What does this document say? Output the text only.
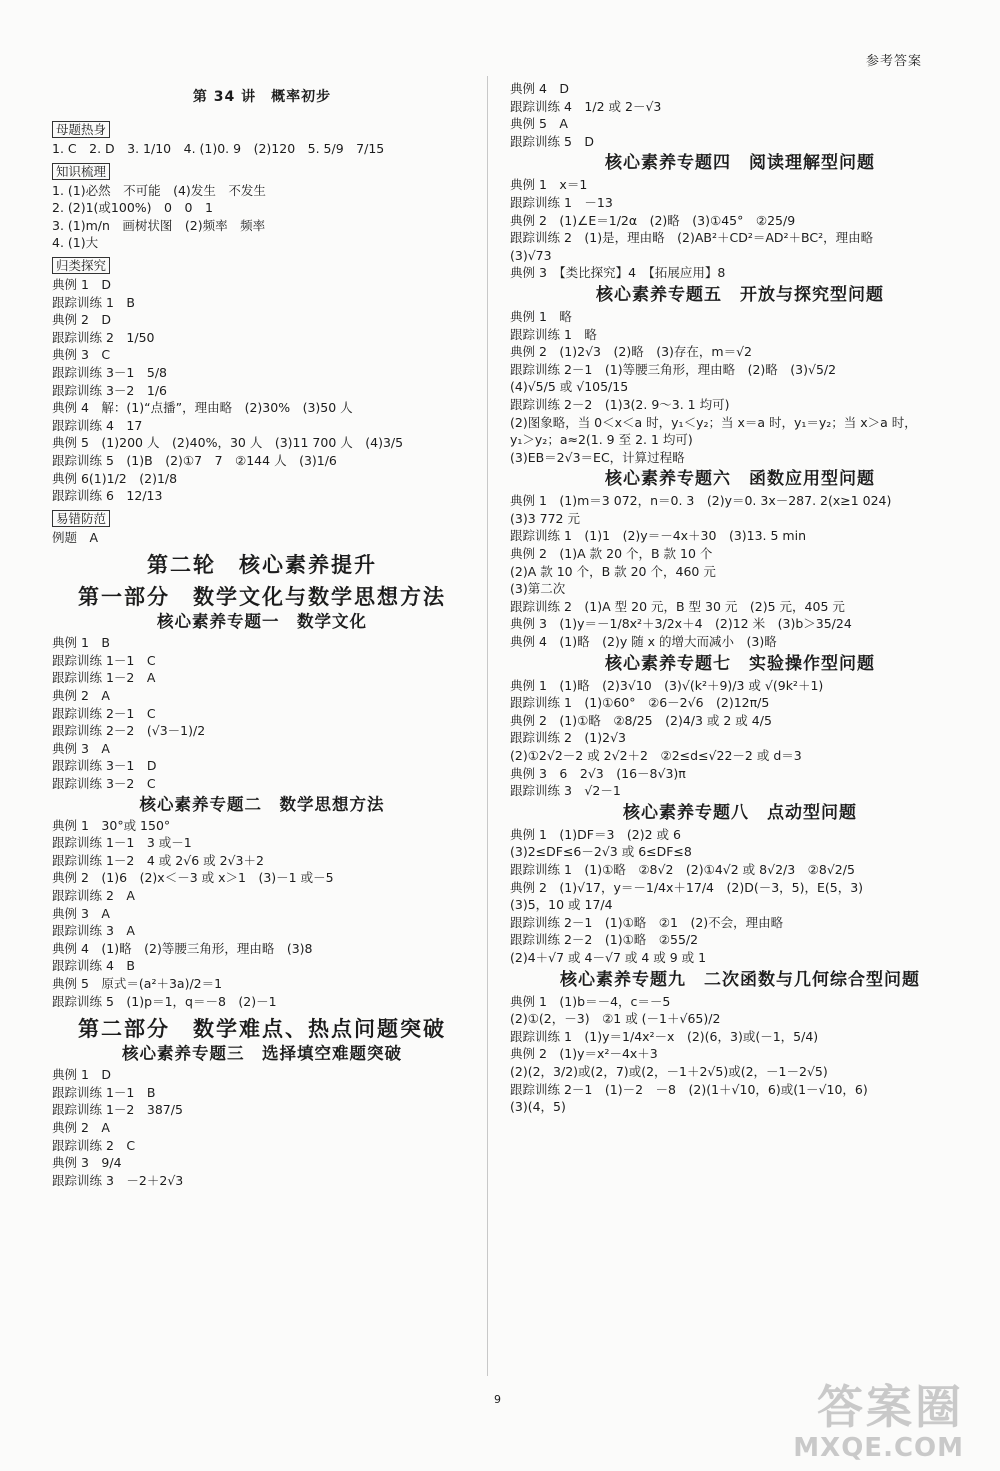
参考答案
第 34 讲　概率初步
母题热身
1. C　2. D　3. 1/10　4. (1)0. 9　(2)120　5. 5/9　7/15
知识梳理
1. (1)必然　不可能　(4)发生　不发生
2. (2)1(或100%)　0　0　1
3. (1)m/n　画树状图　(2)频率　频率
4. (1)大
归类探究
典例 1　D
跟踪训练 1　B
典例 2　D
跟踪训练 2　1/50
典例 3　C
跟踪训练 3－1　5/8
跟踪训练 3－2　1/6
典例 4　解：(1)“点播”，理由略　(2)30%　(3)50 人
跟踪训练 4　17
典例 5　(1)200 人　(2)40%，30 人　(3)11 700 人　(4)3/5
跟踪训练 5　(1)B　(2)①7　7　②144 人　(3)1/6
典例 6(1)1/2　(2)1/8
跟踪训练 6　12/13
易错防范
例题　A
第二轮　核心素养提升
第一部分　数学文化与数学思想方法
核心素养专题一　数学文化
典例 1　B
跟踪训练 1－1　C
跟踪训练 1－2　A
典例 2　A
跟踪训练 2－1　C
跟踪训练 2－2　(√3－1)/2
典例 3　A
跟踪训练 3－1　D
跟踪训练 3－2　C
核心素养专题二　数学思想方法
典例 1　30°或 150°
跟踪训练 1－1　3 或－1
跟踪训练 1－2　4 或 2√6 或 2√3＋2
典例 2　(1)6　(2)x＜－3 或 x＞1　(3)－1 或－5
跟踪训练 2　A
典例 3　A
跟踪训练 3　A
典例 4　(1)略　(2)等腰三角形，理由略　(3)8
跟踪训练 4　B
典例 5　原式＝(a²＋3a)/2＝1
跟踪训练 5　(1)p＝1，q＝－8　(2)－1
第二部分　数学难点、热点问题突破
核心素养专题三　选择填空难题突破
典例 1　D
跟踪训练 1－1　B
跟踪训练 1－2　387/5
典例 2　A
跟踪训练 2　C
典例 3　9/4
跟踪训练 3　－2＋2√3
典例 4　D
跟踪训练 4　1/2 或 2－√3
典例 5　A
跟踪训练 5　D
核心素养专题四　阅读理解型问题
典例 1　x＝1
跟踪训练 1　－13
典例 2　(1)∠E＝1/2α　(2)略　(3)①45°　②25/9
跟踪训练 2　(1)是，理由略　(2)AB²＋CD²＝AD²＋BC²，理由略
(3)√73
典例 3　【类比探究】4　【拓展应用】8
核心素养专题五　开放与探究型问题
典例 1　略
跟踪训练 1　略
典例 2　(1)2√3　(2)略　(3)存在，m＝√2
跟踪训练 2－1　(1)等腰三角形，理由略　(2)略　(3)√5/2
(4)√5/5 或 √105/15
跟踪训练 2－2　(1)3(2. 9～3. 1 均可)
(2)图象略，当 0＜x＜a 时，y₁＜y₂；当 x＝a 时，y₁＝y₂；当 x＞a 时，
y₁＞y₂；a≈2(1. 9 至 2. 1 均可)
(3)EB＝2√3＝EC，计算过程略
核心素养专题六　函数应用型问题
典例 1　(1)m＝3 072，n＝0. 3　(2)y＝0. 3x－287. 2(x≥1 024)
(3)3 772 元
跟踪训练 1　(1)1　(2)y＝－4x＋30　(3)13. 5 min
典例 2　(1)A 款 20 个，B 款 10 个
(2)A 款 10 个，B 款 20 个，460 元
(3)第二次
跟踪训练 2　(1)A 型 20 元，B 型 30 元　(2)5 元，405 元
典例 3　(1)y＝－1/8x²＋3/2x＋4　(2)12 米　(3)b＞35/24
典例 4　(1)略　(2)y 随 x 的增大而减小　(3)略
核心素养专题七　实验操作型问题
典例 1　(1)略　(2)3√10　(3)√(k²＋9)/3 或 √(9k²＋1)
跟踪训练 1　(1)①60°　②6－2√6　(2)12π/5
典例 2　(1)①略　②8/25　(2)4/3 或 2 或 4/5
跟踪训练 2　(1)2√3
(2)①2√2－2 或 2√2＋2　②2≤d≤√22－2 或 d＝3
典例 3　6　2√3　(16－8√3)π
跟踪训练 3　√2－1
核心素养专题八　点动型问题
典例 1　(1)DF＝3　(2)2 或 6
(3)2≤DF≤6－2√3 或 6≤DF≤8
跟踪训练 1　(1)①略　②8√2　(2)①4√2 或 8√2/3　②8√2/5
典例 2　(1)√17，y＝－1/4x＋17/4　(2)D(－3，5)，E(5，3)
(3)5，10 或 17/4
跟踪训练 2－1　(1)①略　②1　(2)不会，理由略
跟踪训练 2－2　(1)①略　②55/2
(2)4＋√7 或 4－√7 或 4 或 9 或 1
核心素养专题九　二次函数与几何综合型问题
典例 1　(1)b＝－4，c＝－5
(2)①(2，－3)　②1 或 (－1＋√65)/2
跟踪训练 1　(1)y＝1/4x²－x　(2)(6，3)或(－1，5/4)
典例 2　(1)y＝x²－4x＋3
(2)(2，3/2)或(2，7)或(2，－1＋2√5)或(2，－1－2√5)
跟踪训练 2－1　(1)－2　－8　(2)(1＋√10，6)或(1－√10，6)
(3)(4，5)
9	答案圈
MXQE.COM
